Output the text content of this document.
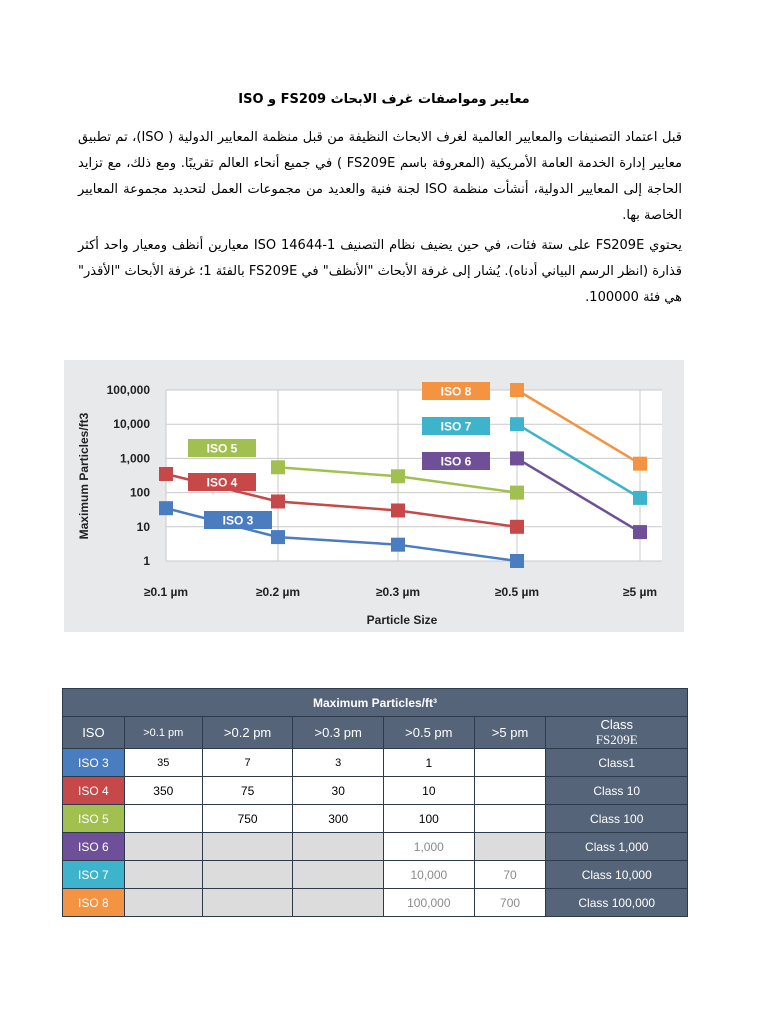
معايير ومواصفات غرف الابحاث FS209 و ISO
قبل اعتماد التصنيفات والمعايير العالمية لغرف الابحاث النظيفة من قبل منظمة المعايير الدولية ( ISO)، تم تطبيق معايير إدارة الخدمة العامة الأمريكية (المعروفة باسم FS209E ) في جميع أنحاء العالم تقريبًا. ومع ذلك، مع تزايد الحاجة إلى المعايير الدولية، أنشأت منظمة ISO لجنة فنية والعديد من مجموعات العمل لتحديد مجموعة المعايير الخاصة بها.
يحتوي FS209E على ستة فئات، في حين يضيف نظام التصنيف ISO 14644-1 معيارين أنظف ومعيار واحد أكثر قذارة (انظر الرسم البياني أدناه). يُشار إلى غرفة الأبحاث "الأنظف" في FS209E بالفئة 1؛ غرفة الأبحاث "الأقذر" هي فئة 100000.
100,000
10,000
1,000
100
10
1
≥0.1 µm	≥0.2 µm	≥0.3 µm	≥0.5 µm	≥5 µm
Particle Size
Maximum Particles/ft3	ISO 3
ISO 4
ISO 5
ISO 6
ISO 7
ISO 8
Maximum Particles/ft³						
ISO	>0.1 pm	>0.2 pm	>0.3 pm	>0.5 pm	>5 pm	Class
FS209E

ISO 3	35	7	3	1		Class1
ISO 4	350	75	30	10		Class 10
ISO 5		750	300	100		Class 100
ISO 6				1,000		Class 1,000
ISO 7				10,000	70	Class 10,000
ISO 8				100,000	700	Class 100,000
